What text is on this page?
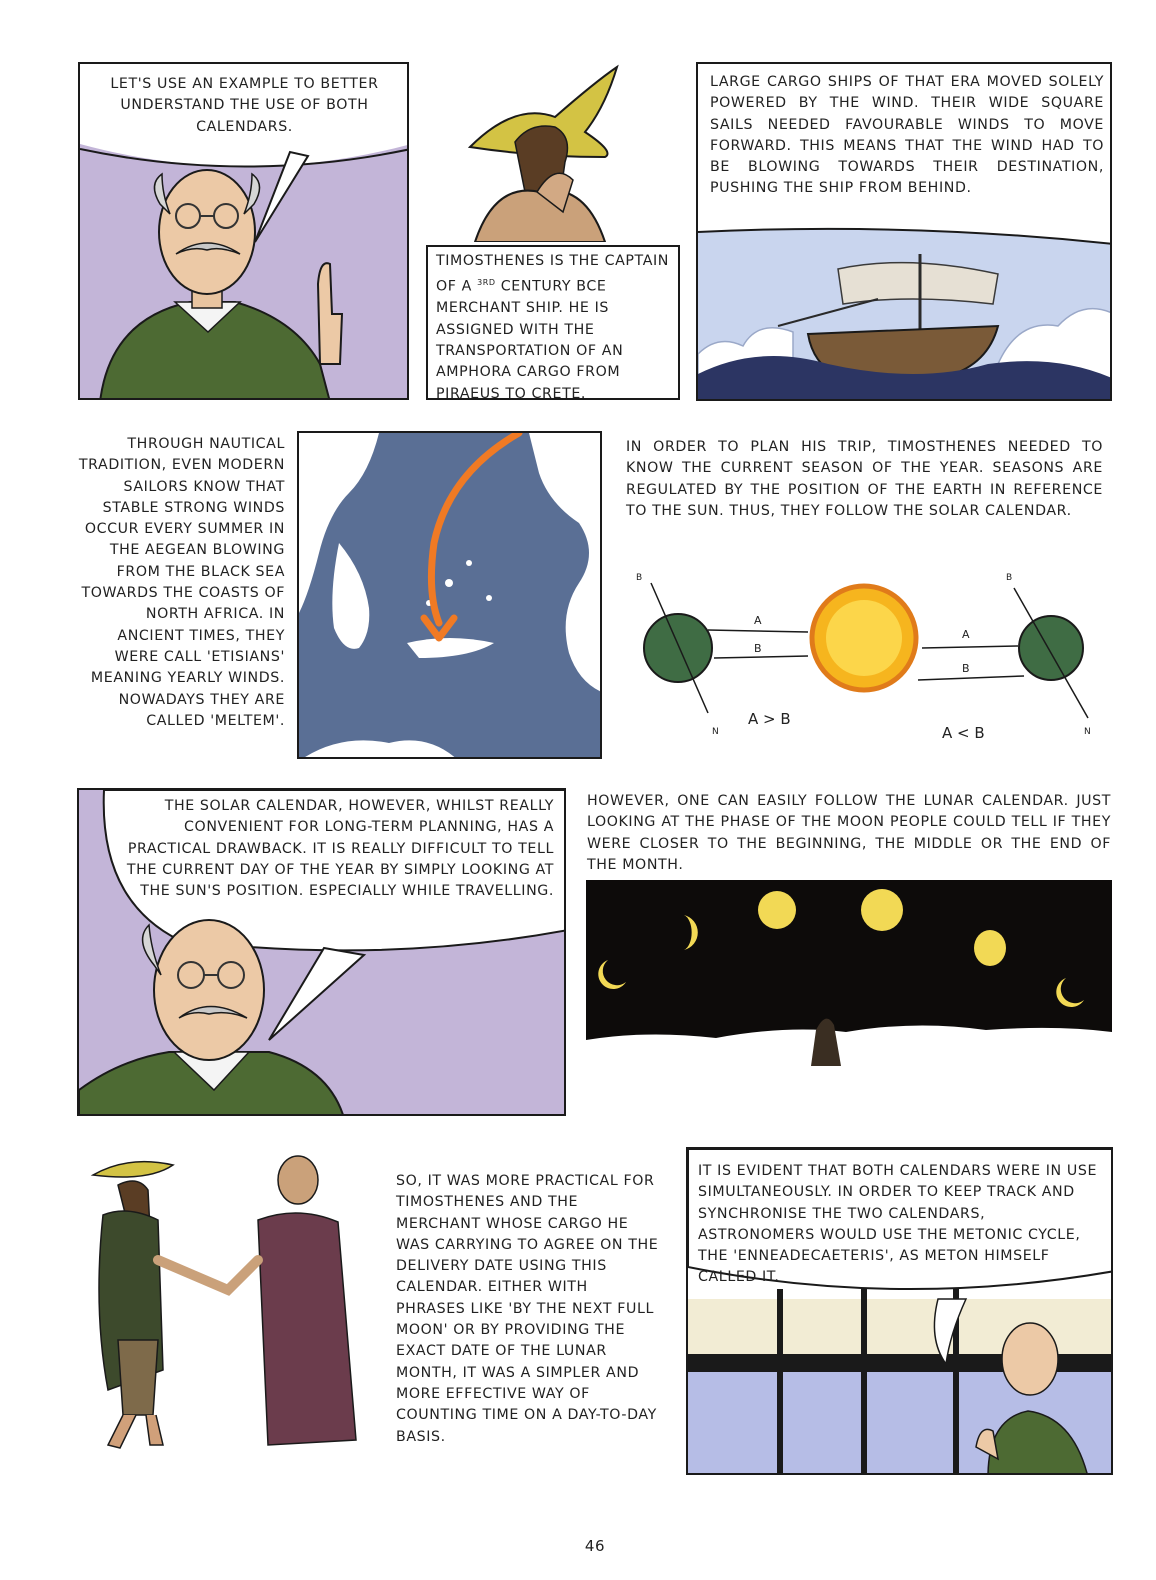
LET'S USE AN EXAMPLE TO BETTER UNDERSTAND THE USE OF BOTH CALENDARS.
TIMOSTHENES IS THE CAPTAIN OF A $^{3RD}$ CENTURY BCE MERCHANT SHIP. HE IS ASSIGNED WITH THE TRANSPORTATION OF AN AMPHORA CARGO FROM PIRAEUS TO CRETE.
LARGE CARGO SHIPS OF THAT ERA MOVED SOLELY POWERED BY THE WIND. THEIR WIDE SQUARE SAILS NEEDED FAVOURABLE WINDS TO MOVE FORWARD. THIS MEANS THAT THE WIND HAD TO BE BLOWING TOWARDS THEIR DESTINATION, PUSHING THE SHIP FROM BEHIND.
THROUGH NAUTICAL TRADITION, EVEN MODERN SAILORS KNOW THAT STABLE STRONG WINDS OCCUR EVERY SUMMER IN THE AEGEAN BLOWING FROM THE BLACK SEA TOWARDS THE COASTS OF NORTH AFRICA. IN ANCIENT TIMES, THEY WERE CALL 'ETISIANS' MEANING YEARLY WINDS. NOWADAYS THEY ARE CALLED 'MELTEM'.
IN ORDER TO PLAN HIS TRIP, TIMOSTHENES NEEDED TO KNOW THE CURRENT SEASON OF THE YEAR. SEASONS ARE REGULATED BY THE POSITION OF THE EARTH IN REFERENCE TO THE SUN. THUS, THEY FOLLOW THE SOLAR CALENDAR.
A
B
A
B
B	B
N	N
A > B
A < B
THE SOLAR CALENDAR, HOWEVER, WHILST REALLY CONVENIENT FOR LONG-TERM PLANNING, HAS A PRACTICAL DRAWBACK. IT IS REALLY DIFFICULT TO TELL THE CURRENT DAY OF THE YEAR BY SIMPLY LOOKING AT THE SUN'S POSITION. ESPECIALLY WHILE TRAVELLING.
HOWEVER, ONE CAN EASILY FOLLOW THE LUNAR CALENDAR. JUST LOOKING AT THE PHASE OF THE MOON PEOPLE COULD TELL IF THEY WERE CLOSER TO THE BEGINNING, THE MIDDLE OR THE END OF THE MONTH.
SO, IT WAS MORE PRACTICAL FOR TIMOSTHENES AND THE MERCHANT WHOSE CARGO HE WAS CARRYING TO AGREE ON THE DELIVERY DATE USING THIS CALENDAR. EITHER WITH PHRASES LIKE 'BY THE NEXT FULL MOON' OR BY PROVIDING THE EXACT DATE OF THE LUNAR MONTH, IT WAS A SIMPLER AND MORE EFFECTIVE WAY OF COUNTING TIME ON A DAY-TO-DAY BASIS.
IT IS EVIDENT THAT BOTH CALENDARS WERE IN USE SIMULTANEOUSLY. IN ORDER TO KEEP TRACK AND SYNCHRONISE THE TWO CALENDARS, ASTRONOMERS WOULD USE THE METONIC CYCLE, THE 'ENNEADECAETERIS', AS METON HIMSELF CALLED IT.
46
